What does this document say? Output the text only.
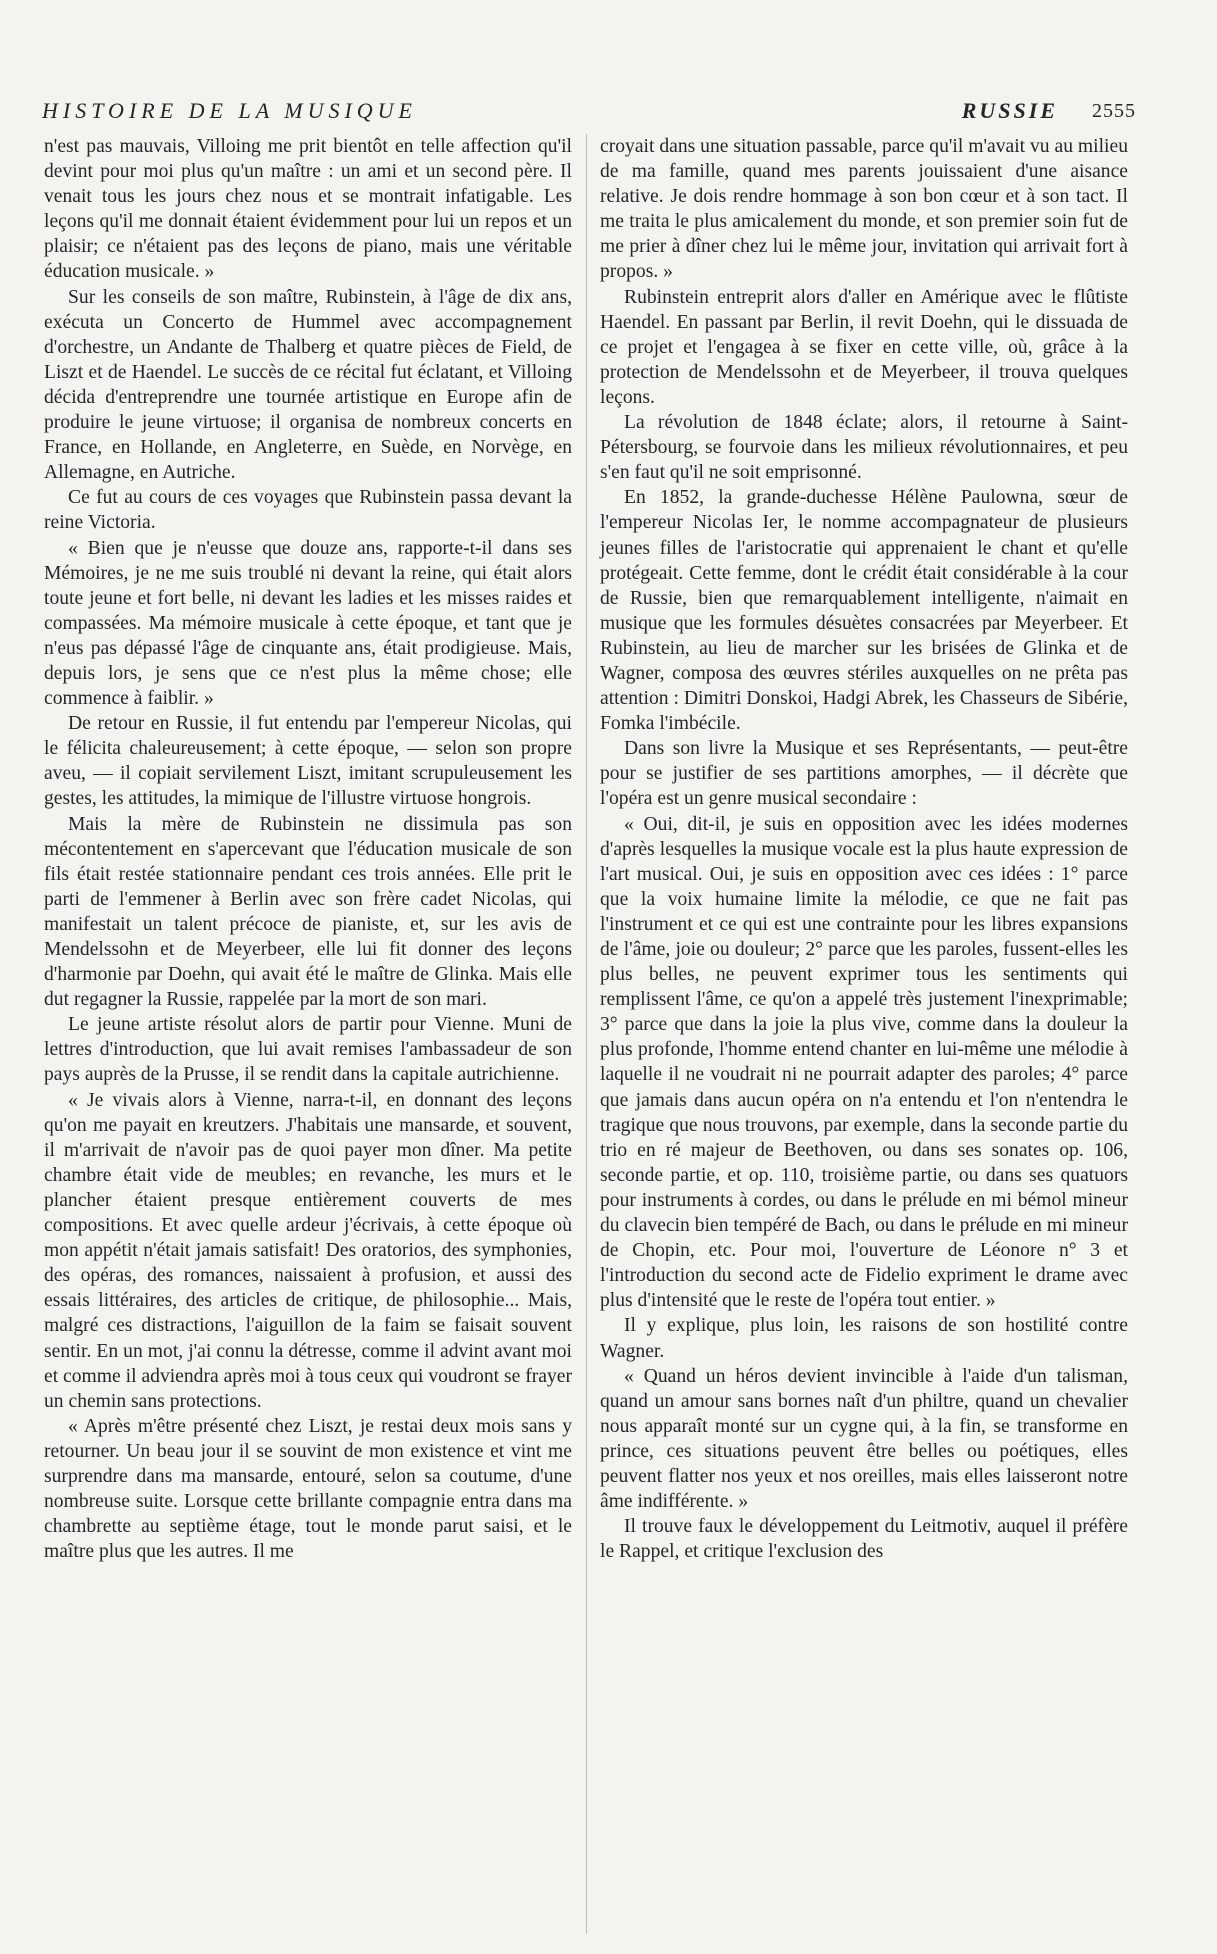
HISTOIRE DE LA MUSIQUE	RUSSIE 2555

n'est pas mauvais, Villoing me prit bientôt en telle affection qu'il devint pour moi plus qu'un maître : un ami et un second père. Il venait tous les jours chez nous et se montrait infatigable. Les leçons qu'il me donnait étaient évidemment pour lui un repos et un plaisir; ce n'étaient pas des leçons de piano, mais une véritable éducation musicale. »

Sur les conseils de son maître, Rubinstein, à l'âge de dix ans, exécuta un Concerto de Hummel avec accompagnement d'orchestre, un Andante de Thalberg et quatre pièces de Field, de Liszt et de Haendel. Le succès de ce récital fut éclatant, et Villoing décida d'entreprendre une tournée artistique en Europe afin de produire le jeune virtuose; il organisa de nombreux concerts en France, en Hollande, en Angleterre, en Suède, en Norvège, en Allemagne, en Autriche.

Ce fut au cours de ces voyages que Rubinstein passa devant la reine Victoria.

« Bien que je n'eusse que douze ans, rapporte-t-il dans ses Mémoires, je ne me suis troublé ni devant la reine, qui était alors toute jeune et fort belle, ni devant les ladies et les misses raides et compassées. Ma mémoire musicale à cette époque, et tant que je n'eus pas dépassé l'âge de cinquante ans, était prodigieuse. Mais, depuis lors, je sens que ce n'est plus la même chose; elle commence à faiblir. »

De retour en Russie, il fut entendu par l'empereur Nicolas, qui le félicita chaleureusement; à cette époque, — selon son propre aveu, — il copiait servilement Liszt, imitant scrupuleusement les gestes, les attitudes, la mimique de l'illustre virtuose hongrois.

Mais la mère de Rubinstein ne dissimula pas son mécontentement en s'apercevant que l'éducation musicale de son fils était restée stationnaire pendant ces trois années. Elle prit le parti de l'emmener à Berlin avec son frère cadet Nicolas, qui manifestait un talent précoce de pianiste, et, sur les avis de Mendelssohn et de Meyerbeer, elle lui fit donner des leçons d'harmonie par Doehn, qui avait été le maître de Glinka. Mais elle dut regagner la Russie, rappelée par la mort de son mari.

Le jeune artiste résolut alors de partir pour Vienne. Muni de lettres d'introduction, que lui avait remises l'ambassadeur de son pays auprès de la Prusse, il se rendit dans la capitale autrichienne.

« Je vivais alors à Vienne, narra-t-il, en donnant des leçons qu'on me payait en kreutzers. J'habitais une mansarde, et souvent, il m'arrivait de n'avoir pas de quoi payer mon dîner. Ma petite chambre était vide de meubles; en revanche, les murs et le plancher étaient presque entièrement couverts de mes compositions. Et avec quelle ardeur j'écrivais, à cette époque où mon appétit n'était jamais satisfait! Des oratorios, des symphonies, des opéras, des romances, naissaient à profusion, et aussi des essais littéraires, des articles de critique, de philosophie... Mais, malgré ces distractions, l'aiguillon de la faim se faisait souvent sentir. En un mot, j'ai connu la détresse, comme il advint avant moi et comme il adviendra après moi à tous ceux qui voudront se frayer un chemin sans protections.

« Après m'être présenté chez Liszt, je restai deux mois sans y retourner. Un beau jour il se souvint de mon existence et vint me surprendre dans ma mansarde, entouré, selon sa coutume, d'une nombreuse suite. Lorsque cette brillante compagnie entra dans ma chambrette au septième étage, tout le monde parut saisi, et le maître plus que les autres. Il me

croyait dans une situation passable, parce qu'il m'avait vu au milieu de ma famille, quand mes parents jouissaient d'une aisance relative. Je dois rendre hommage à son bon cœur et à son tact. Il me traita le plus amicalement du monde, et son premier soin fut de me prier à dîner chez lui le même jour, invitation qui arrivait fort à propos. »

Rubinstein entreprit alors d'aller en Amérique avec le flûtiste Haendel. En passant par Berlin, il revit Doehn, qui le dissuada de ce projet et l'engagea à se fixer en cette ville, où, grâce à la protection de Mendelssohn et de Meyerbeer, il trouva quelques leçons.

La révolution de 1848 éclate; alors, il retourne à Saint-Pétersbourg, se fourvoie dans les milieux révolutionnaires, et peu s'en faut qu'il ne soit emprisonné.

En 1852, la grande-duchesse Hélène Paulowna, sœur de l'empereur Nicolas Ier, le nomme accompagnateur de plusieurs jeunes filles de l'aristocratie qui apprenaient le chant et qu'elle protégeait. Cette femme, dont le crédit était considérable à la cour de Russie, bien que remarquablement intelligente, n'aimait en musique que les formules désuètes consacrées par Meyerbeer. Et Rubinstein, au lieu de marcher sur les brisées de Glinka et de Wagner, composa des œuvres stériles auxquelles on ne prêta pas attention : Dimitri Donskoi, Hadgi Abrek, les Chasseurs de Sibérie, Fomka l'imbécile.

Dans son livre la Musique et ses Représentants, — peut-être pour se justifier de ses partitions amorphes, — il décrète que l'opéra est un genre musical secondaire :

« Oui, dit-il, je suis en opposition avec les idées modernes d'après lesquelles la musique vocale est la plus haute expression de l'art musical. Oui, je suis en opposition avec ces idées : 1° parce que la voix humaine limite la mélodie, ce que ne fait pas l'instrument et ce qui est une contrainte pour les libres expansions de l'âme, joie ou douleur; 2° parce que les paroles, fussent-elles les plus belles, ne peuvent exprimer tous les sentiments qui remplissent l'âme, ce qu'on a appelé très justement l'inexprimable; 3° parce que dans la joie la plus vive, comme dans la douleur la plus profonde, l'homme entend chanter en lui-même une mélodie à laquelle il ne voudrait ni ne pourrait adapter des paroles; 4° parce que jamais dans aucun opéra on n'a entendu et l'on n'entendra le tragique que nous trouvons, par exemple, dans la seconde partie du trio en ré majeur de Beethoven, ou dans ses sonates op. 106, seconde partie, et op. 110, troisième partie, ou dans ses quatuors pour instruments à cordes, ou dans le prélude en mi bémol mineur du clavecin bien tempéré de Bach, ou dans le prélude en mi mineur de Chopin, etc. Pour moi, l'ouverture de Léonore n° 3 et l'introduction du second acte de Fidelio expriment le drame avec plus d'intensité que le reste de l'opéra tout entier. »

Il y explique, plus loin, les raisons de son hostilité contre Wagner.

« Quand un héros devient invincible à l'aide d'un talisman, quand un amour sans bornes naît d'un philtre, quand un chevalier nous apparaît monté sur un cygne qui, à la fin, se transforme en prince, ces situations peuvent être belles ou poétiques, elles peuvent flatter nos yeux et nos oreilles, mais elles laisseront notre âme indifférente. »

Il trouve faux le développement du Leitmotiv, auquel il préfère le Rappel, et critique l'exclusion des
